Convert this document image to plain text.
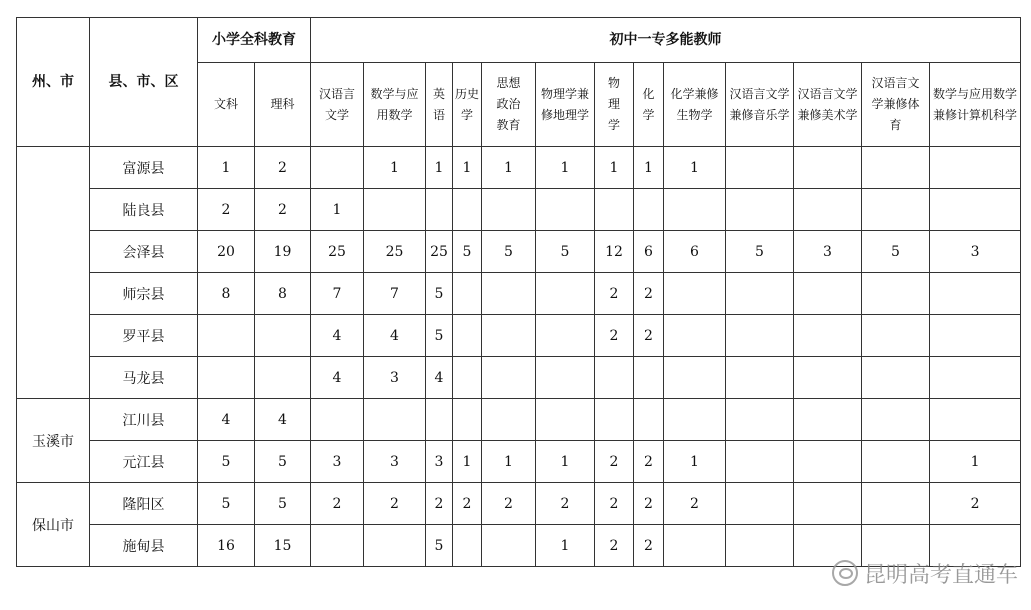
州、市	县、市、区	小学全科教育		初中一专多能教师												
		文科	理科	汉语言文学	数学与应用数学	英语	历史学	思想政治教育	物理学兼修地理学	物理学	化学	化学兼修生物学	汉语言文学兼修音乐学	汉语言文学兼修美术学	汉语言文学兼修体育	数学与应用数学兼修计算机科学
	富源县	1	2		1	1	1	1	1	1	1	1				
	陆良县	2	2	1												
	会泽县	20	19	25	25	25	5	5	5	12	6	6	5	3	5	3
	师宗县	8	8	7	7	5				2	2					
	罗平县			4	4	5				2	2					
	马龙县			4	3	4										
玉溪市	江川县	4	4													
	元江县	5	5	3	3	3	1	1	1	2	2	1				1
保山市	隆阳区	5	5	2	2	2	2	2	2	2	2	2				2
	施甸县	16	15			5			1	2	2					
昆明高考直通车
